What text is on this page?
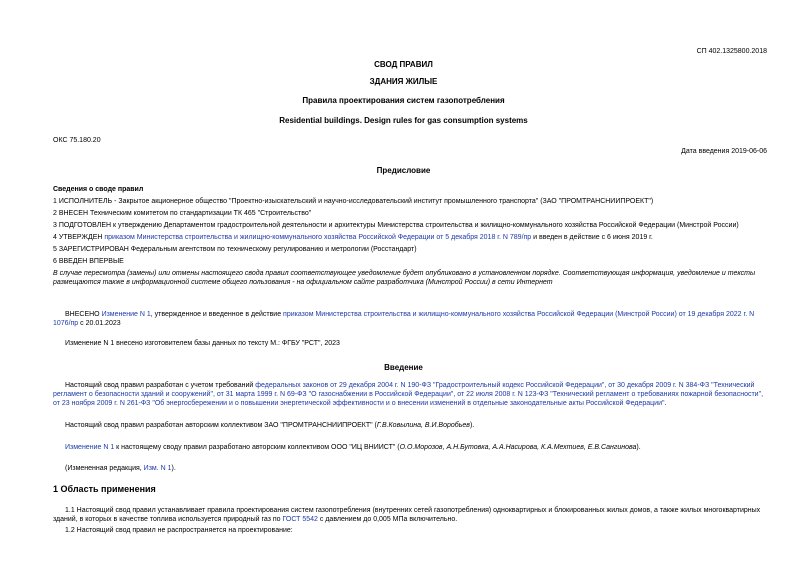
СП 402.1325800.2018
СВОД ПРАВИЛ
ЗДАНИЯ ЖИЛЫЕ
Правила проектирования систем газопотребления
Residential buildings. Design rules for gas consumption systems
ОКС 75.180.20
Дата введения 2019-06-06
Предисловие

Сведения о своде правил

1 ИСПОЛНИТЕЛЬ - Закрытое акционерное общество "Проектно-изыскательский и научно-исследовательский институт промышленного транспорта" (ЗАО "ПРОМТРАНСНИИПРОЕКТ")

2 ВНЕСЕН Техническим комитетом по стандартизации ТК 465 "Строительство"

3 ПОДГОТОВЛЕН к утверждению Департаментом градостроительной деятельности и архитектуры Министерства строительства и жилищно-коммунального хозяйства Российской Федерации (Минстрой России)

4 УТВЕРЖДЕН приказом Министерства строительства и жилищно-коммунального хозяйства Российской Федерации от 5 декабря 2018 г. N 789/пр и введен в действие с 6 июня 2019 г.

5 ЗАРЕГИСТРИРОВАН Федеральным агентством по техническому регулированию и метрологии (Росстандарт)

6 ВВЕДЕН ВПЕРВЫЕ

В случае пересмотра (замены) или отмены настоящего свода правил соответствующее уведомление будет опубликовано в установленном порядке. Соответствующая информация, уведомление и тексты размещаются также в информационной системе общего пользования - на официальном сайте разработчика (Минстрой России) в сети Интернет

ВНЕСЕНО Изменение N 1, утвержденное и введенное в действие приказом Министерства строительства и жилищно-коммунального хозяйства Российской Федерации (Минстрой России) от 19 декабря 2022 г. N 1076/пр с 20.01.2023

Изменение N 1 внесено изготовителем базы данных по тексту М.: ФГБУ "РСТ", 2023

Введение

Настоящий свод правил разработан с учетом требований федеральных законов от 29 декабря 2004 г. N 190-ФЗ "Градостроительный кодекс Российской Федерации", от 30 декабря 2009 г. N 384-ФЗ "Технический регламент о безопасности зданий и сооружений", от 31 марта 1999 г. N 69-ФЗ "О газоснабжении в Российской Федерации", от 22 июля 2008 г. N 123-ФЗ "Технический регламент о требованиях пожарной безопасности", от 23 ноября 2009 г. N 261-ФЗ "Об энергосбережении и о повышении энергетической эффективности и о внесении изменений в отдельные законодательные акты Российской Федерации".

Настоящий свод правил разработан авторским коллективом ЗАО "ПРОМТРАНСНИИПРОЕКТ" (Г.В.Ковылина, В.И.Воробьев).

Изменение N 1 к настоящему своду правил разработано авторским коллективом ООО "ИЦ ВНИИСТ" (О.О.Морозов, А.Н.Бутовка, А.А.Насирова, К.А.Мехтиев, Е.В.Сангинова).

(Измененная редакция, Изм. N 1).

1 Область применения

1.1 Настоящий свод правил устанавливает правила проектирования систем газопотребления (внутренних сетей газопотребления) одноквартирных и блокированных жилых домов, а также жилых многоквартирных зданий, в которых в качестве топлива используется природный газ по ГОСТ 5542 с давлением до 0,005 МПа включительно.

1.2 Настоящий свод правил не распространяется на проектирование:
